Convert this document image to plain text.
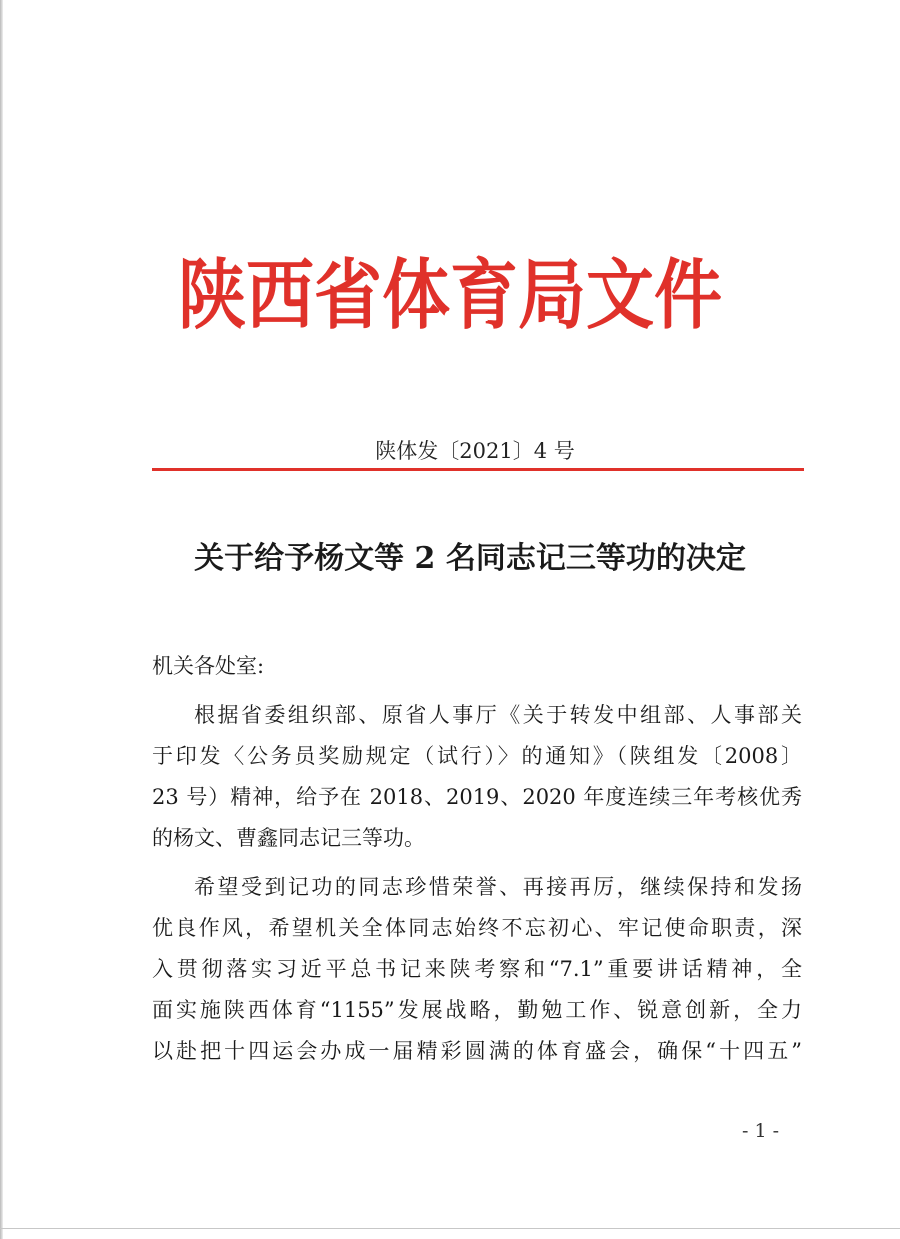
陕西省体育局文件
陕体发〔2021〕4 号
关于给予杨文等 2 名同志记三等功的决定
机关各处室:
根据省委组织部、原省人事厅《关于转发中组部、人事部关
于印发〈公务员奖励规定（试行）〉的通知》（陕组发〔2008〕
23 号）精神，给予在 2018、2019、2020 年度连续三年考核优秀
的杨文、曹鑫同志记三等功。
希望受到记功的同志珍惜荣誉、再接再厉，继续保持和发扬
优良作风，希望机关全体同志始终不忘初心、牢记使命职责，深
入贯彻落实习近平总书记来陕考察和“7.1”重要讲话精神，全
面实施陕西体育“1155”发展战略，勤勉工作、锐意创新，全力
以赴把十四运会办成一届精彩圆满的体育盛会，确保“十四五”
- 1 -
